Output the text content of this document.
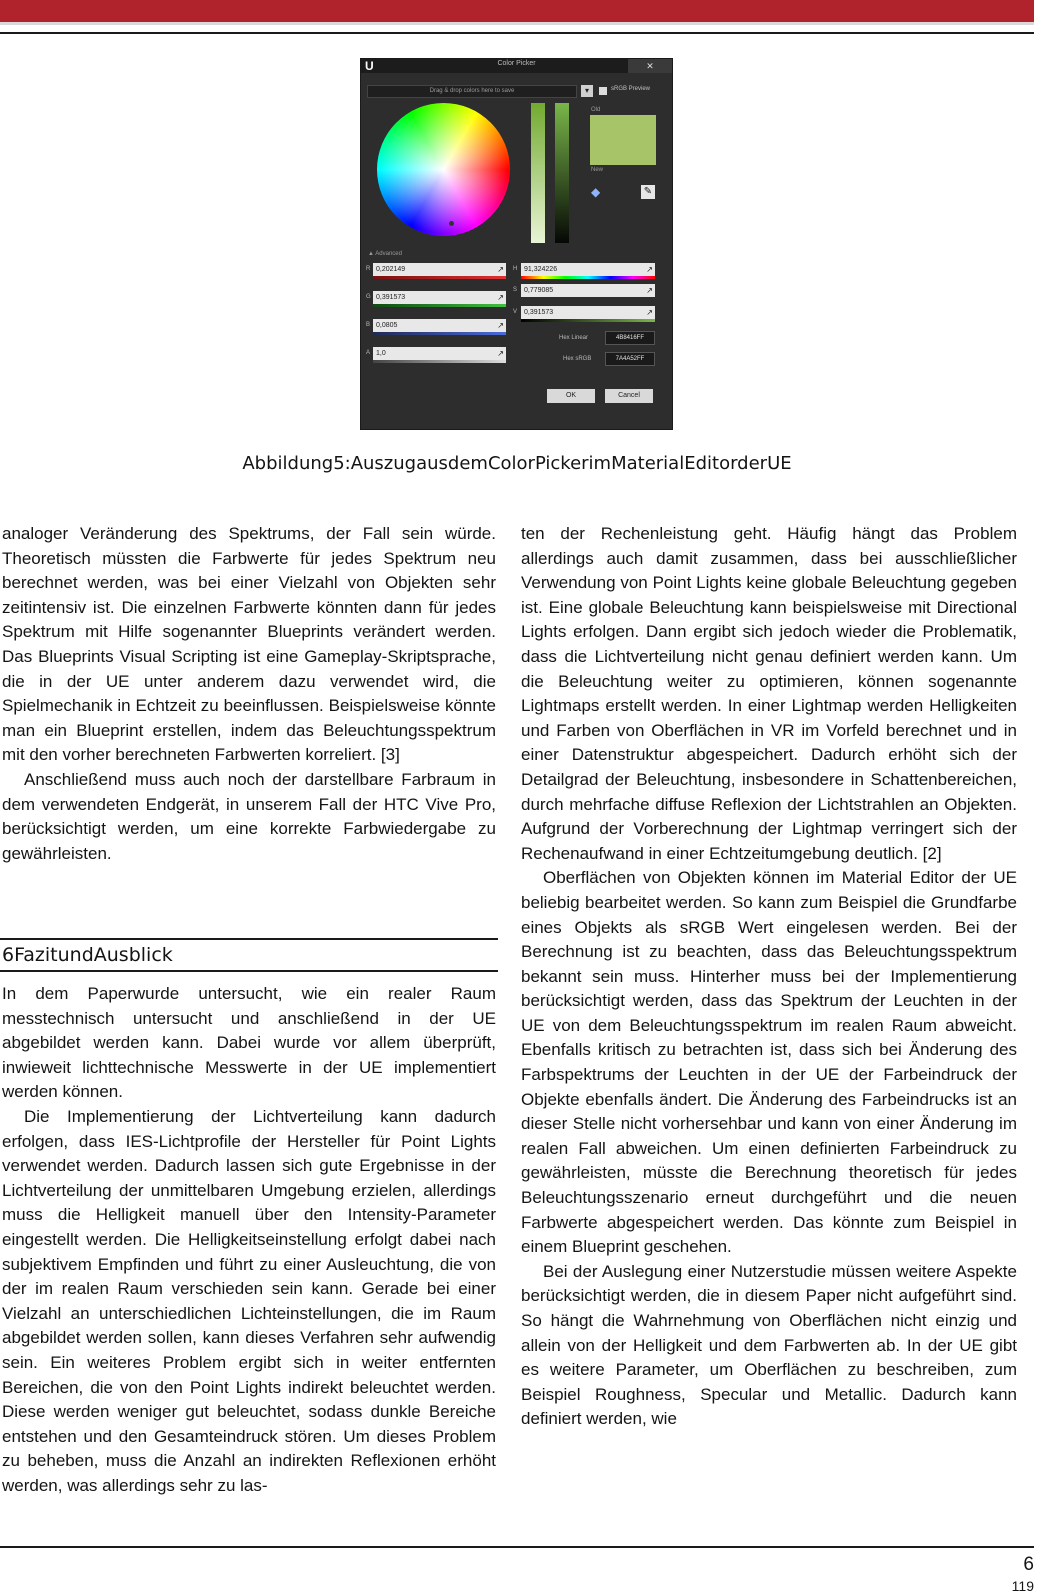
U	Color Picker	✕
Drag & drop colors here to save	▾	sRGB Preview
Old
New
◆	✎
▲ Advanced
R 0,202149	↗
G 0,391573	↗
B 0,0805	↗
A 1,0	↗
H 91,324226	↗
S 0,779085	↗
V 0,391573	↗
Hex Linear	4B8416FF
Hex sRGB	7A4A52FF
OK	Cancel
Abbildung5:AuszugausdemColorPickerimMaterialEditorderUE

analoger Veränderung des Spektrums, der Fall sein würde. Theoretisch müssten die Farbwerte für jedes Spektrum neu berechnet werden, was bei einer Vielzahl von Objekten sehr zeitintensiv ist. Die einzelnen Farbwerte könnten dann für jedes Spektrum mit Hilfe sogenannter Blueprints verändert werden. Das Blueprints Visual Scripting ist eine Gameplay-Skriptsprache, die in der UE unter anderem dazu verwendet wird, die Spielmechanik in Echtzeit zu beeinflussen. Beispielsweise könnte man ein Blueprint erstellen, indem das Beleuchtungsspektrum mit den vorher berechneten Farbwerten korreliert. [3]

Anschließend muss auch noch der darstellbare Farbraum in dem verwendeten Endgerät, in unserem Fall der HTC Vive Pro, berücksichtigt werden, um eine korrekte Farbwiedergabe zu gewährleisten.

6FazitundAusblick

In dem Paperwurde untersucht, wie ein realer Raum messtechnisch untersucht und anschließend in der UE abgebildet werden kann. Dabei wurde vor allem überprüft, inwieweit lichttechnische Messwerte in der UE implementiert werden können.

Die Implementierung der Lichtverteilung kann dadurch erfolgen, dass IES-Lichtprofile der Hersteller für Point Lights verwendet werden. Dadurch lassen sich gute Ergebnisse in der Lichtverteilung der unmittelbaren Umgebung erzielen, allerdings muss die Helligkeit manuell über den Intensity-Parameter eingestellt werden. Die Helligkeitseinstellung erfolgt dabei nach subjektivem Empfinden und führt zu einer Ausleuchtung, die von der im realen Raum verschieden sein kann. Gerade bei einer Vielzahl an unterschiedlichen Lichteinstellungen, die im Raum abgebildet werden sollen, kann dieses Verfahren sehr aufwendig sein. Ein weiteres Problem ergibt sich in weiter entfernten Bereichen, die von den Point Lights indirekt beleuchtet werden. Diese werden weniger gut beleuchtet, sodass dunkle Bereiche entstehen und den Gesamteindruck stören. Um dieses Problem zu beheben, muss die Anzahl an indirekten Reflexionen erhöht werden, was allerdings sehr zu las-

ten der Rechenleistung geht. Häufig hängt das Problem allerdings auch damit zusammen, dass bei ausschließlicher Verwendung von Point Lights keine globale Beleuchtung gegeben ist. Eine globale Beleuchtung kann beispielsweise mit Directional Lights erfolgen. Dann ergibt sich jedoch wieder die Problematik, dass die Lichtverteilung nicht genau definiert werden kann. Um die Beleuchtung weiter zu optimieren, können sogenannte Lightmaps erstellt werden. In einer Lightmap werden Helligkeiten und Farben von Oberflächen in VR im Vorfeld berechnet und in einer Datenstruktur abgespeichert. Dadurch erhöht sich der Detailgrad der Beleuchtung, insbesondere in Schattenbereichen, durch mehrfache diffuse Reflexion der Lichtstrahlen an Objekten. Aufgrund der Vorberechnung der Lightmap verringert sich der Rechenaufwand in einer Echtzeitumgebung deutlich. [2]

Oberflächen von Objekten können im Material Editor der UE beliebig bearbeitet werden. So kann zum Beispiel die Grundfarbe eines Objekts als sRGB Wert eingelesen werden. Bei der Berechnung ist zu beachten, dass das Beleuchtungsspektrum bekannt sein muss. Hinterher muss bei der Implementierung berücksichtigt werden, dass das Spektrum der Leuchten in der UE von dem Beleuchtungsspektrum im realen Raum abweicht. Ebenfalls kritisch zu betrachten ist, dass sich bei Änderung des Farbspektrums der Leuchten in der UE der Farbeindruck der Objekte ebenfalls ändert. Die Änderung des Farbeindrucks ist an dieser Stelle nicht vorhersehbar und kann von einer Änderung im realen Fall abweichen. Um einen definierten Farbeindruck zu gewährleisten, müsste die Berechnung theoretisch für jedes Beleuchtungsszenario erneut durchgeführt und die neuen Farbwerte abgespeichert werden. Das könnte zum Beispiel in einem Blueprint geschehen.

Bei der Auslegung einer Nutzerstudie müssen weitere Aspekte berücksichtigt werden, die in diesem Paper nicht aufgeführt sind. So hängt die Wahrnehmung von Oberflächen nicht einzig und allein von der Helligkeit und dem Farbwerten ab. In der UE gibt es weitere Parameter, um Oberflächen zu beschreiben, zum Beispiel Roughness, Specular und Metallic. Dadurch kann definiert werden, wie

6
119
